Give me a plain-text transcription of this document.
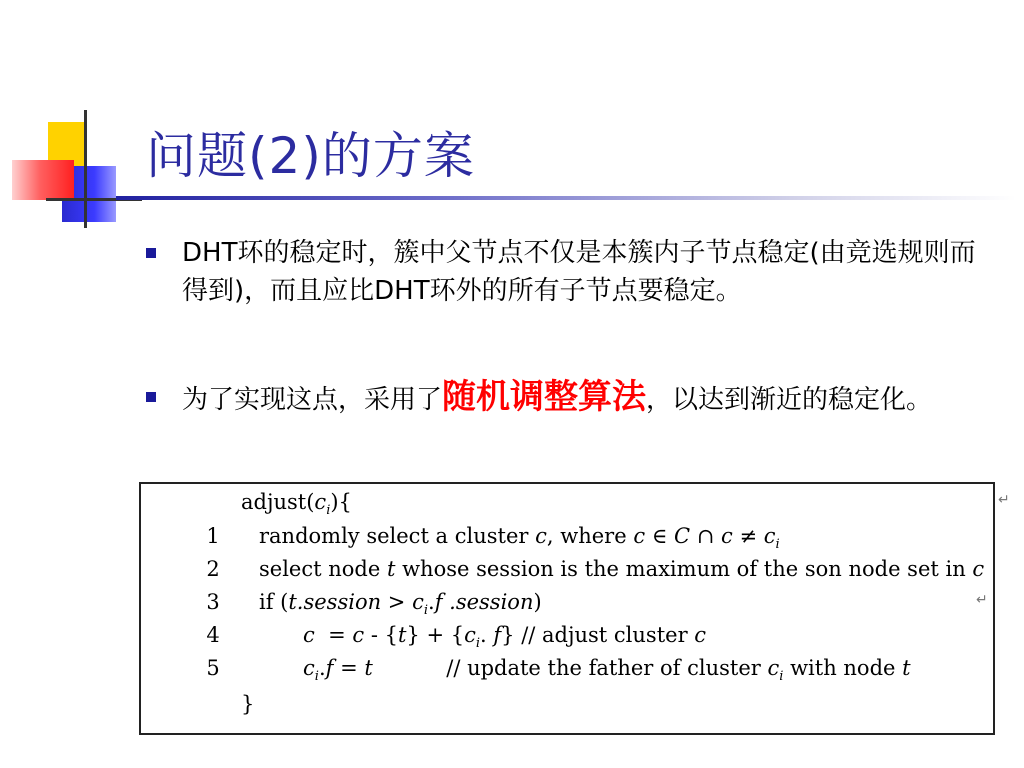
问题(2)的方案
DHT环的稳定时，簇中父节点不仅是本簇内子节点稳定(由竞选规则而得到)，而且应比DHT环外的所有子节点要稳定。
为了实现这点，采用了随机调整算法，以达到渐近的稳定化。
$adjust(c_i)${
1 randomly select a cluster c, where c ∈ C ∩ $c \ne c_i$
2 select node t whose session is the maximum of the son node set in c
3 if (t.session > $c_i.f$ .session)
4	$c = c - \{t\} + \{c_i$. f} // adjust cluster c
5	$c_i.f = t$           // update the father of cluster $c_i$ with node t
}
↵
↵
